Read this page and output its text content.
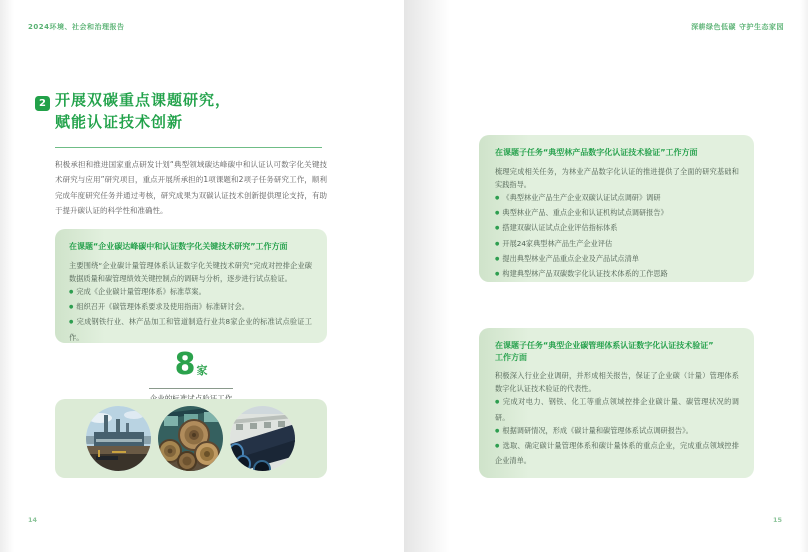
2024环境、社会和治理报告
2 开展双碳重点课题研究，
赋能认证技术创新

积极承担和推进国家重点研发计划“典型领域碳达峰碳中和认证认可数字化关键技术研究与应用”研究项目，重点开展所承担的1项课题和2项子任务研究工作，顺利完成年度研究任务并通过考核，研究成果为双碳认证技术创新提供理论支持，有助于提升碳认证的科学性和准确性。

在课题“企业碳达峰碳中和认证数字化关键技术研究”工作方面

主要围绕“企业碳计量管理体系认证数字化关键技术研究”完成对控排企业碳数据质量和碳管理绩效关键控制点的调研与分析，逐步进行试点验证。

● 完成《企业碳计量管理体系》标准草案。
● 组织召开《碳管理体系要求及使用指南》标准研讨会。
● 完成钢铁行业、林产品加工和管道制造行业共8家企业的标准试点验证工作。
8家
14
深耕绿色低碳 守护生态家园
在课题子任务“典型林产品数字化认证技术验证”工作方面

梳理完成相关任务，为林业产品数字化认证的推进提供了全面的研究基础和实践指导。

● 《典型林业产品生产企业双碳认证试点调研》调研
● 典型林业产品、重点企业和认证机构试点调研报告》
● 搭建双碳认证试点企业评估指标体系
● 开展24家典型林产品生产企业评估
● 提出典型林业产品重点企业及产品试点清单
● 构建典型林产品双碳数字化认证技术体系的工作思路
在课题子任务“典型企业碳管理体系认证数字化认证技术验证”
工作方面

积极深入行业企业调研，并形成相关报告，保证了企业碳（计量）管理体系数字化认证技术验证的代表性。

● 完成对电力、钢铁、化工等重点领域控排企业碳计量、碳管理状况的调研。
● 根据调研情况，形成《碳计量和碳管理体系试点调研报告》。
● 选取、确定碳计量管理体系和碳计量体系的重点企业，完成重点领域控排企业清单。
15
